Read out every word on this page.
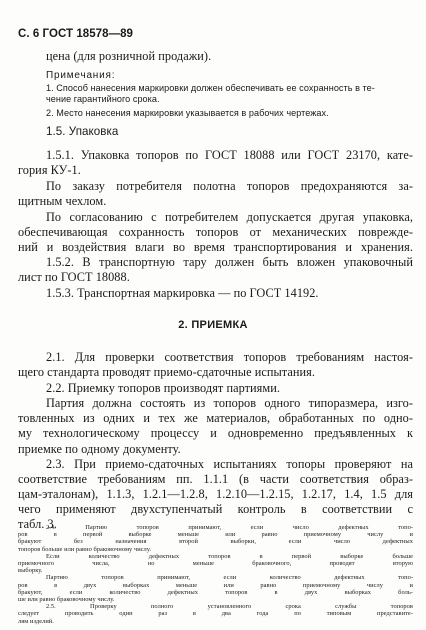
С. 6 ГОСТ 18578—89
цена (для розничной продажи).
Примечания:
1. Способ нанесения маркировки должен обеспечивать ее сохранность в те-
чение гарантийного срока.
2. Место нанесения маркировки указывается в рабочих чертежах.
1.5. Упаковка
1.5.1. Упаковка топоров по ГОСТ 18088 или ГОСТ 23170, кате-
гория КУ-1.
По заказу потребителя полотна топоров предохраняются за-
щитным чехлом.
По согласованию с потребителем допускается другая упаковка,
обеспечивающая сохранность топоров от механических поврежде-
ний и воздействия влаги во время транспортирования и хранения.
1.5.2. В транспортную тару должен быть вложен упаковочный
лист по ГОСТ 18088.
1.5.3. Транспортная маркировка — по ГОСТ 14192.
2. ПРИЕМКА
2.1. Для проверки соответствия топоров требованиям настоя-
щего стандарта проводят приемо-сдаточные испытания.
2.2. Приемку топоров производят партиями.
Партия должна состоять из топоров одного типоразмера, изго-
товленных из одних и тех же материалов, обработанных по одно-
му технологическому процессу и одновременно предъявленных к
приемке по одному документу.
2.3. При приемо-сдаточных испытаниях топоры проверяют на
соответствие требованиям пп. 1.1.1 (в части соответствия образ-
цам-эталонам), 1.1.3, 1.2.1—1.2.8, 1.2.10—1.2.15, 1.2.17, 1.4, 1.5 для
чего применяют двухступенчатый контроль в соответствии с
табл. 3.
2.4. Партию топоров принимают, если число дефектных топо-
ров в первой выборке меньше или равно приемочному числу и
бракуют без назначения второй выборки, если число дефектных
топоров больше или равно браковочному числу.
Если количество дефектных топоров в первой выборке больше
приемочного числа, но меньше браковочного, проводят вторую
выборку.
Партию топоров принимают, если количество дефектных топо-
ров в двух выборках меньше или равно приемочному числу и
бракуют, если количество дефектных топоров в двух выборках боль-
ше или равно браковочному числу.
2.5. Проверку полного установленного срока службы топоров
следует проводить один раз в два года по типовым представите-
лям изделий.
